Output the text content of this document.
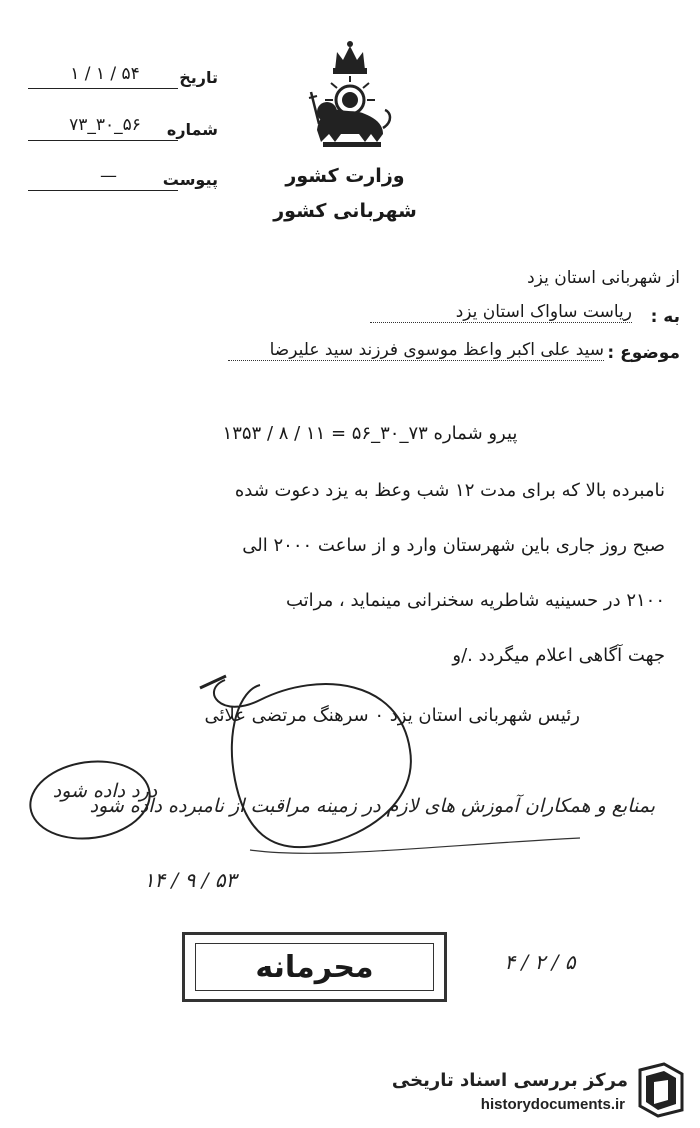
تاریخ
۱ / ۱ / ۵۴
شماره
۷۳_۳۰_۵۶
پیوست
—	وزارت کشور
شهربانی کشور
از شهربانی استان یزد
به :
ریاست ساواک استان یزد
موضوع :
سید علی اکبر واعظ موسوی فرزند سید علیرضا
پیرو شماره ۷۳_۳۰_۵۶ = ۱۱ / ۸ / ۱۳۵۳
نامبرده بالا که برای مدت ۱۲ شب وعظ به یزد دعوت شده
صبح روز جاری باین شهرستان وارد و از ساعت ۲۰۰۰ الی
۲۱۰۰ در حسینیه شاطریه سخنرانی مینماید ، مراتب
جهت آگاهی اعلام میگردد ./و
رئیس شهربانی استان یزد ۰ سرهنگ مرتضی علائی
بمنابع و همکاران آموزش های لازم در زمینه مراقبت از نامبرده داده شود
درد داده شود
۱۴ / ۹ / ۵۳
محرمانه	۴ / ۲ / ۵
مرکز بررسی اسناد تاریخی
historydocuments.ir
